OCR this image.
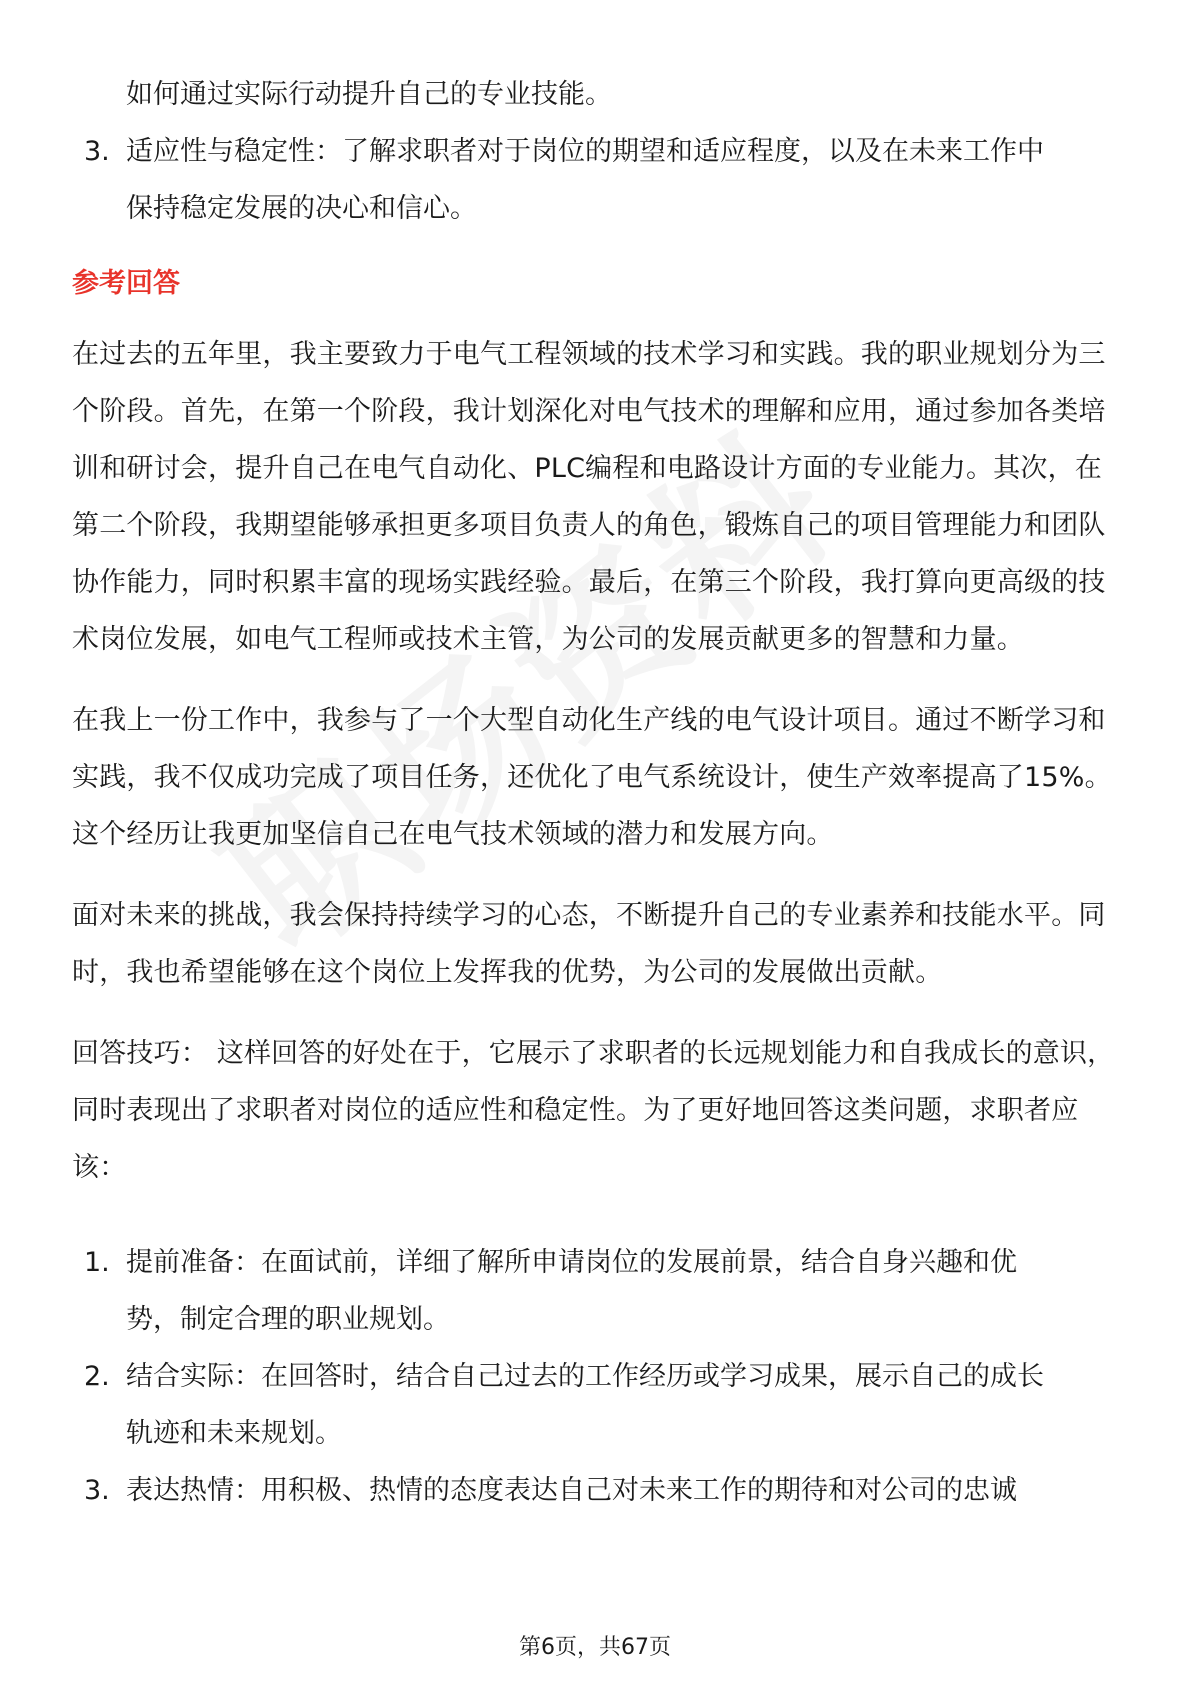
如何通过实际行动提升自己的专业技能。
3. 适应性与稳定性：了解求职者对于岗位的期望和适应程度，以及在未来工作中
保持稳定发展的决心和信心。
参考回答

在过去的五年里，我主要致力于电气工程领域的技术学习和实践。我的职业规划分为三个阶段。首先，在第一个阶段，我计划深化对电气技术的理解和应用，通过参加各类培训和研讨会，提升自己在电气自动化、PLC编程和电路设计方面的专业能力。其次，在第二个阶段，我期望能够承担更多项目负责人的角色，锻炼自己的项目管理能力和团队协作能力，同时积累丰富的现场实践经验。最后，在第三个阶段，我打算向更高级的技术岗位发展，如电气工程师或技术主管，为公司的发展贡献更多的智慧和力量。

在我上一份工作中，我参与了一个大型自动化生产线的电气设计项目。通过不断学习和实践，我不仅成功完成了项目任务，还优化了电气系统设计，使生产效率提高了15%。这个经历让我更加坚信自己在电气技术领域的潜力和发展方向。

面对未来的挑战，我会保持持续学习的心态，不断提升自己的专业素养和技能水平。同时，我也希望能够在这个岗位上发挥我的优势，为公司的发展做出贡献。

回答技巧： 这样回答的好处在于，它展示了求职者的长远规划能力和自我成长的意识，同时表现出了求职者对岗位的适应性和稳定性。为了更好地回答这类问题，求职者应该：

1. 提前准备：在面试前，详细了解所申请岗位的发展前景，结合自身兴趣和优
势，制定合理的职业规划。
2. 结合实际：在回答时，结合自己过去的工作经历或学习成果，展示自己的成长
轨迹和未来规划。
3. 表达热情：用积极、热情的态度表达自己对未来工作的期待和对公司的忠诚
第6页，共67页
